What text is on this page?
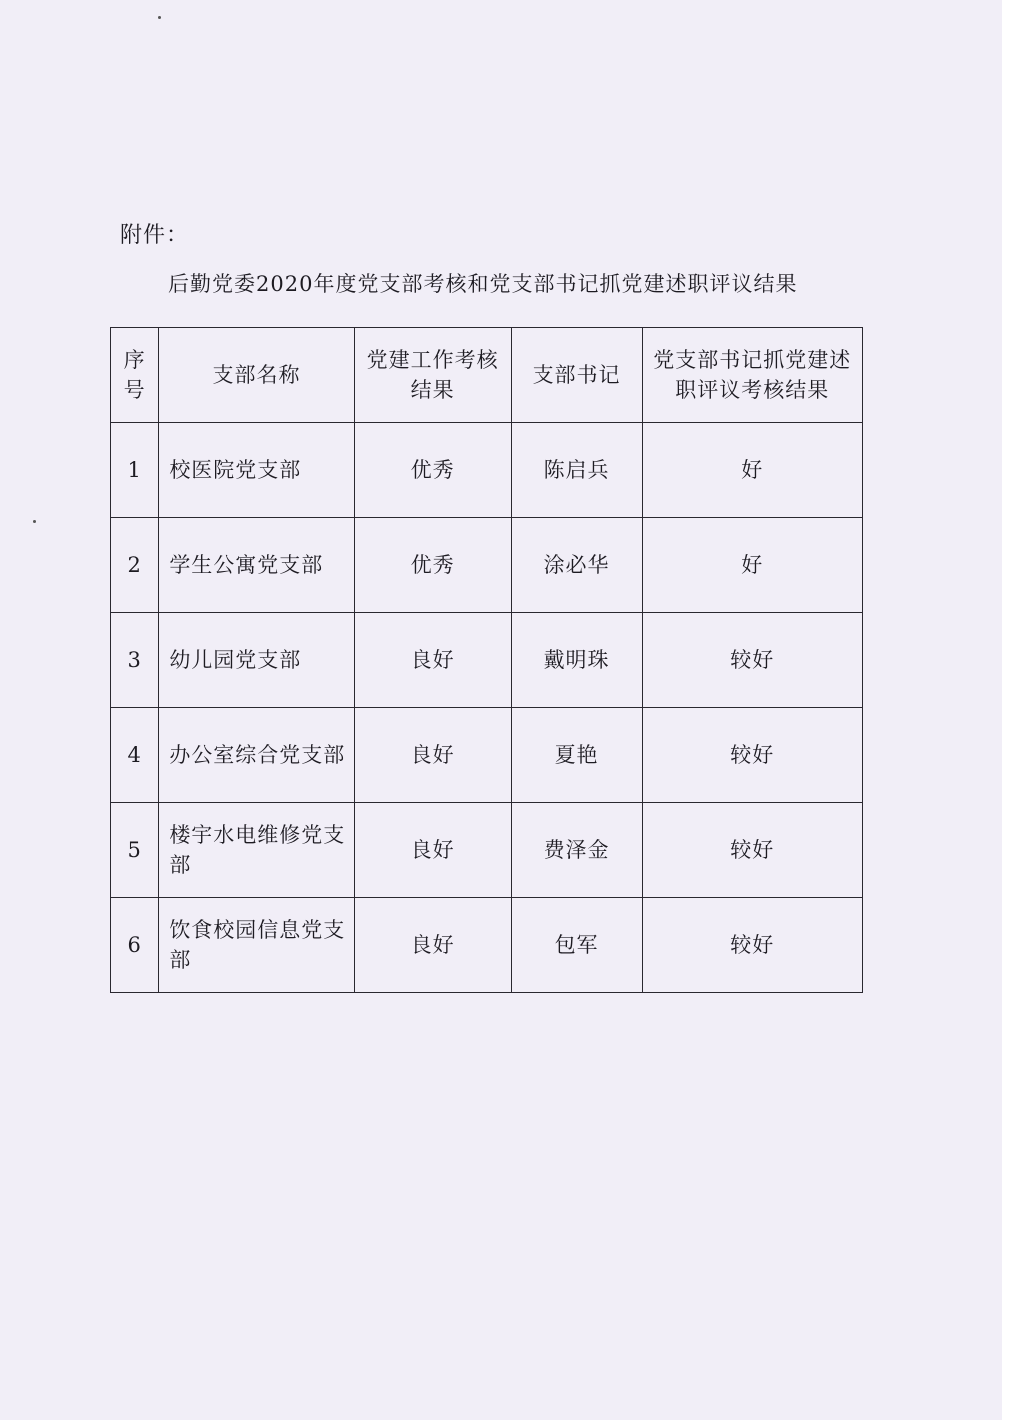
附件：
后勤党委2020年度党支部考核和党支部书记抓党建述职评议结果
序号	支部名称	党建工作考核结果	支部书记	党支部书记抓党建述职评议考核结果
1	校医院党支部	优秀	陈启兵	好
2	学生公寓党支部	优秀	涂必华	好
3	幼儿园党支部	良好	戴明珠	较好
4	办公室综合党支部	良好	夏艳	较好
5	楼宇水电维修党支部	良好	费泽金	较好
6	饮食校园信息党支部	良好	包军	较好
